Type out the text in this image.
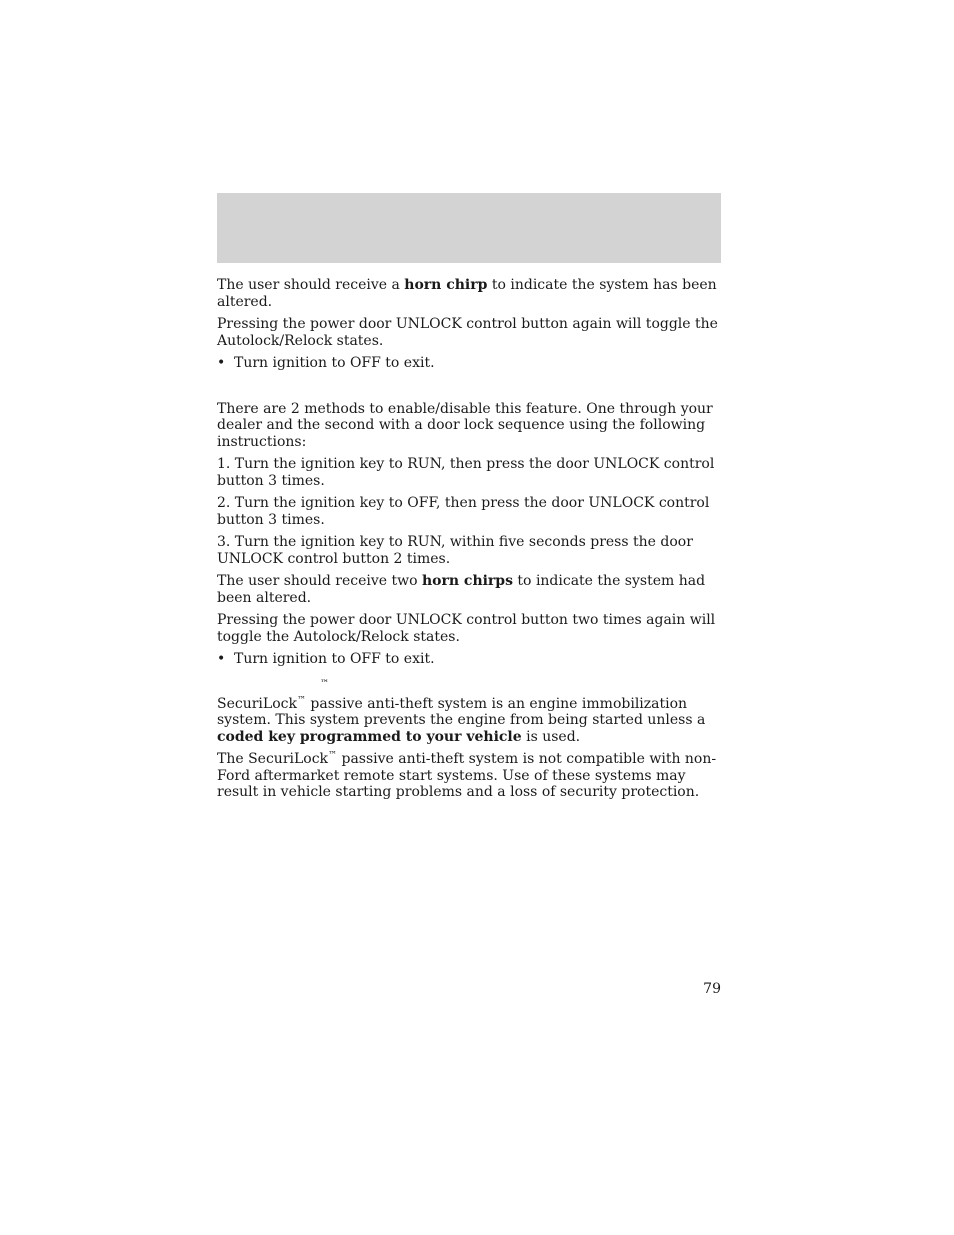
The user should receive a horn chirp to indicate the system has been altered.

Pressing the power door UNLOCK control button again will toggle the Autolock/Relock states.

• Turn ignition to OFF to exit.

There are 2 methods to enable/disable this feature. One through your dealer and the second with a door lock sequence using the following instructions:

1. Turn the ignition key to RUN, then press the door UNLOCK control button 3 times.

2. Turn the ignition key to OFF, then press the door UNLOCK control button 3 times.

3. Turn the ignition key to RUN, within five seconds press the door UNLOCK control button 2 times.

The user should receive two horn chirps to indicate the system had been altered.

Pressing the power door UNLOCK control button two times again will toggle the Autolock/Relock states.

• Turn ignition to OFF to exit.
™

SecuriLock™ passive anti-theft system is an engine immobilization system. This system prevents the engine from being started unless a coded key programmed to your vehicle is used.

The SecuriLock™ passive anti-theft system is not compatible with non-Ford aftermarket remote start systems. Use of these systems may result in vehicle starting problems and a loss of security protection.

79
